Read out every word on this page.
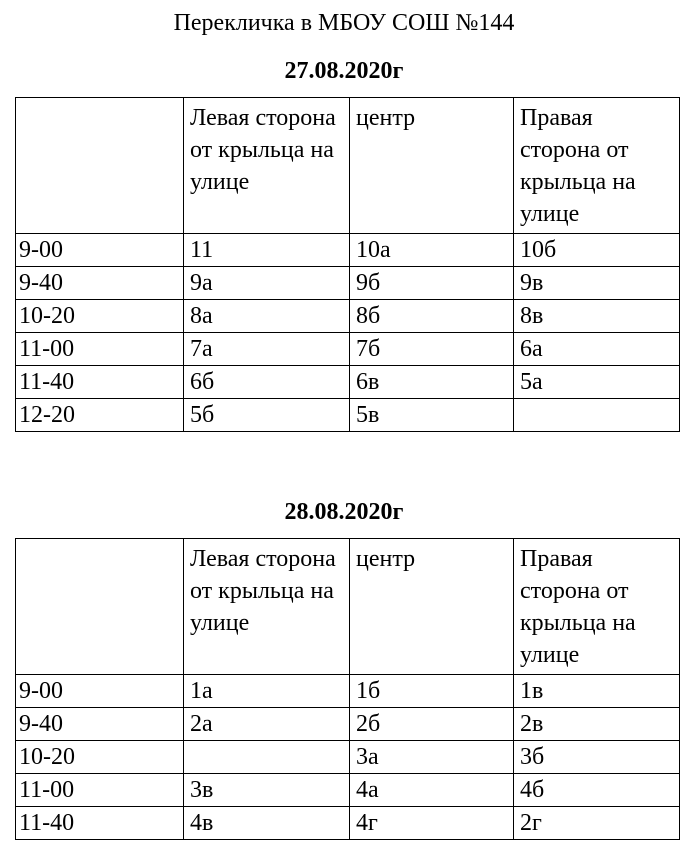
Перекличка в МБОУ СОШ №144
27.08.2020г
	Левая сторона от крыльца на улице	центр	Правая сторона от крыльца на улице
9-00	11	10а	10б
9-40	9а	9б	9в
10-20	8а	8б	8в
11-00	7а	7б	6а
11-40	6б	6в	5а
12-20	5б	5в	
28.08.2020г
	Левая сторона от крыльца на улице	центр	Правая сторона от крыльца на улице
9-00	1а	1б	1в
9-40	2а	2б	2в
10-20		3а	3б
11-00	3в	4а	4б
11-40	4в	4г	2г
